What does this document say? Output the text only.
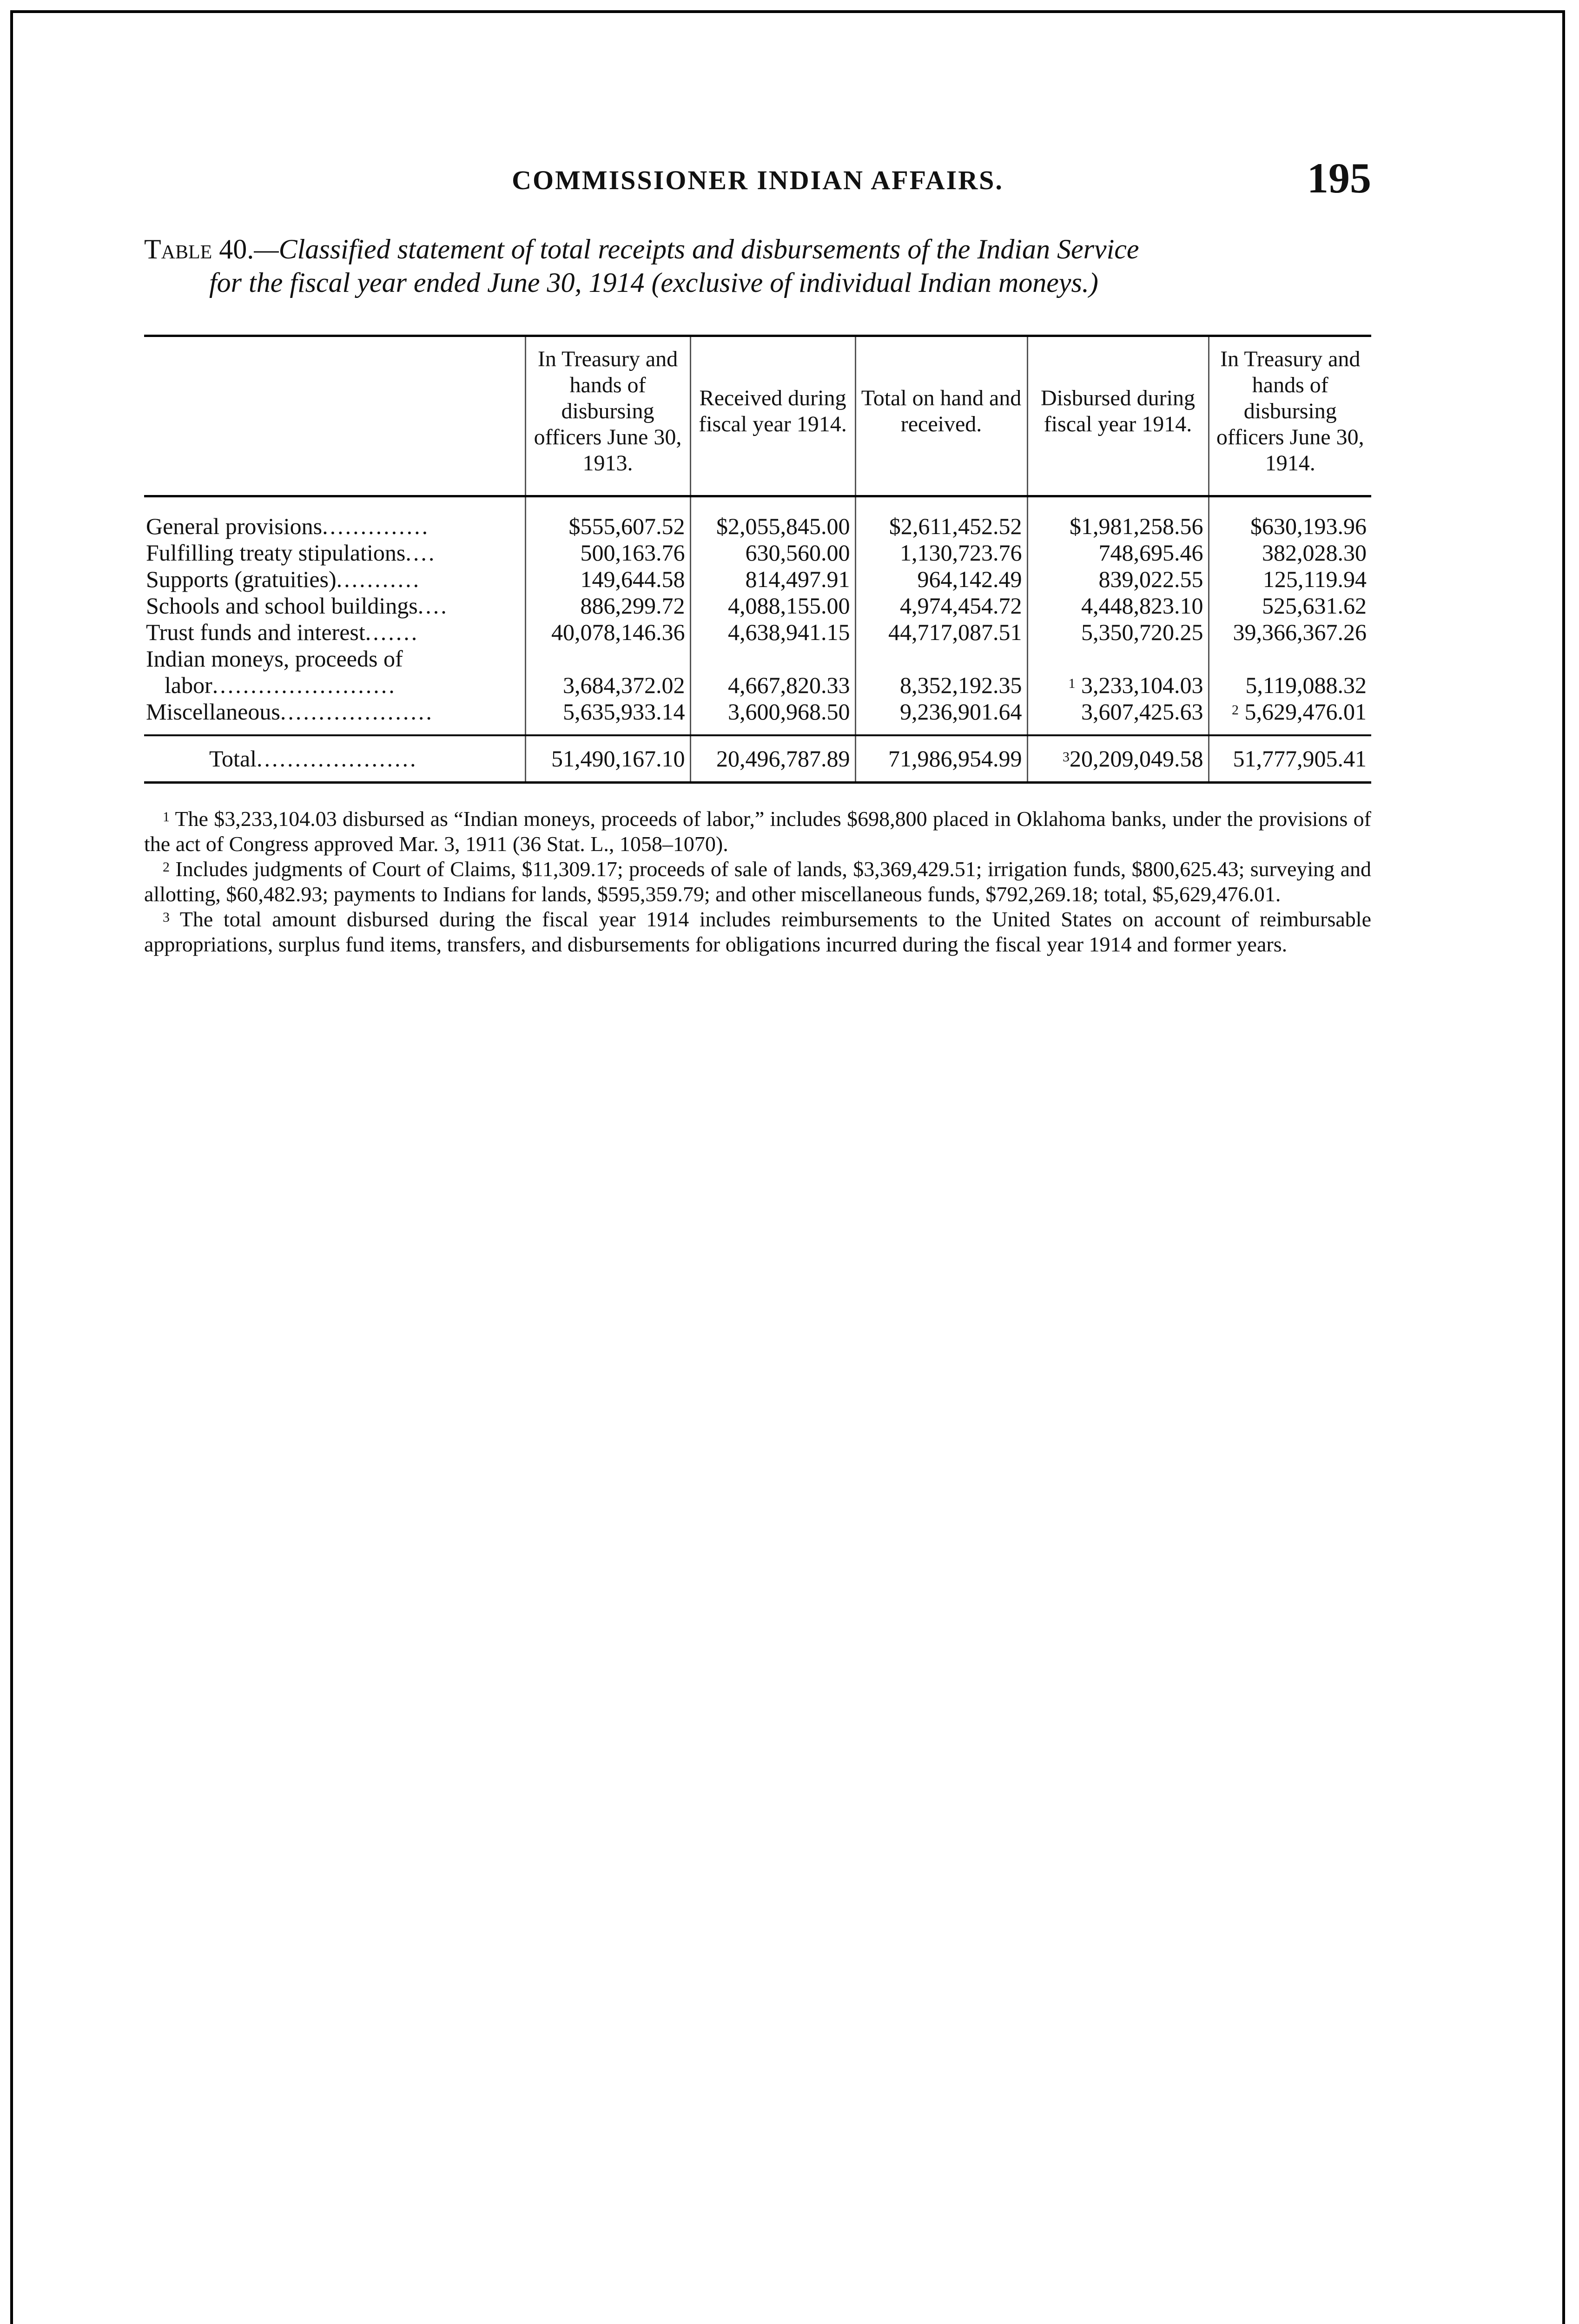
COMMISSIONER INDIAN AFFAIRS.	195
Table 40.—Classified statement of total receipts and disbursements of the Indian Service
for the fiscal year ended June 30, 1914 (exclusive of individual Indian moneys.)
	In Treasury and hands of disbursing officers June 30, 1913.	Received during fiscal year 1914.	Total on hand and received.	Disbursed during fiscal year 1914.	In Treasury and hands of disbursing officers June 30, 1914.
General provisions..............	$555,607.52	$2,055,845.00	$2,611,452.52	$1,981,258.56	$630,193.96
Fulfilling treaty stipulations....	500,163.76	630,560.00	1,130,723.76	748,695.46	382,028.30
Supports (gratuities)...........	149,644.58	814,497.91	964,142.49	839,022.55	125,119.94
Schools and school buildings....	886,299.72	4,088,155.00	4,974,454.72	4,448,823.10	525,631.62
Trust funds and interest.......	40,078,146.36	4,638,941.15	44,717,087.51	5,350,720.25	39,366,367.26

Indian moneys, proceeds of
labor........................	3,684,372.02	4,667,820.33	8,352,192.35	$^1$ 3,233,104.03	5,119,088.32
Miscellaneous....................	5,635,933.14	3,600,968.50	9,236,901.64	3,607,425.63	$^2$ 5,629,476.01
Total.....................	51,490,167.10	20,496,787.89	71,986,954.99	$^3$20,209,049.58	51,777,905.41

$^1$ The $3,233,104.03 disbursed as “Indian moneys, proceeds of labor,” includes $698,800 placed in Oklahoma banks, under the provisions of the act of Congress approved Mar. 3, 1911 (36 Stat. L., 1058–1070).

$^2$ Includes judgments of Court of Claims, $11,309.17; proceeds of sale of lands, $3,369,429.51; irrigation funds, $800,625.43; surveying and allotting, $60,482.93; payments to Indians for lands, $595,359.79; and other miscellaneous funds, $792,269.18; total, $5,629,476.01.

$^3$ The total amount disbursed during the fiscal year 1914 includes reimbursements to the United States on account of reimbursable appropriations, surplus fund items, transfers, and disbursements for obligations incurred during the fiscal year 1914 and former years.
